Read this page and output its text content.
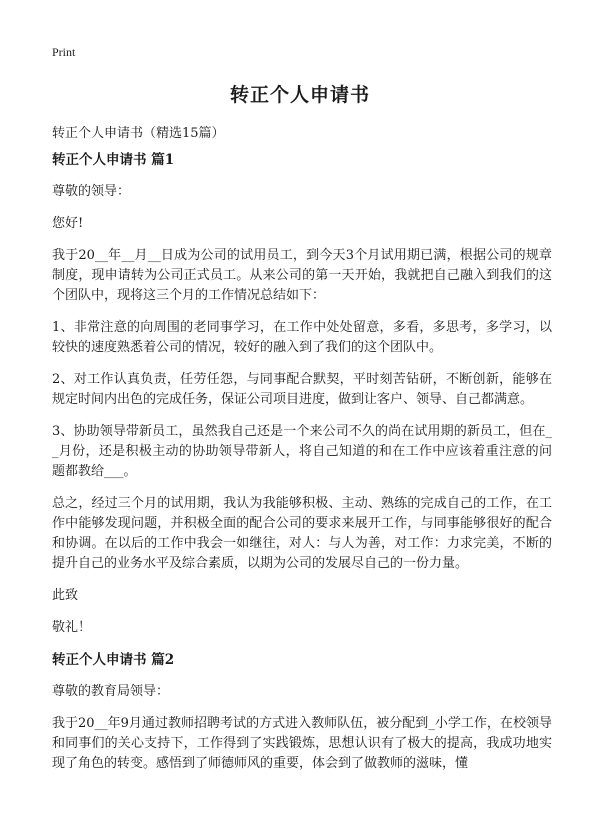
Print
转正个人申请书
转正个人申请书（精选15篇）
转正个人申请书 篇1

尊敬的领导：

您好!

我于20__年__月__日成为公司的试用员工，到今天3个月试用期已满，根据公司的规章制度，现申请转为公司正式员工。从来公司的第一天开始，我就把自己融入到我们的这个团队中，现将这三个月的工作情况总结如下：

1、非常注意的向周围的老同事学习，在工作中处处留意，多看，多思考，多学习，以较快的速度熟悉着公司的情况，较好的融入到了我们的这个团队中。

2、对工作认真负责，任劳任怨，与同事配合默契，平时刻苦钻研，不断创新，能够在规定时间内出色的完成任务，保证公司项目进度，做到让客户、领导、自己都满意。

3、协助领导带新员工，虽然我自己还是一个来公司不久的尚在试用期的新员工，但在__月份，还是积极主动的协助领导带新人，将自己知道的和在工作中应该着重注意的问题都教给___。

总之，经过三个月的试用期，我认为我能够积极、主动、熟练的完成自己的工作，在工作中能够发现问题，并积极全面的配合公司的要求来展开工作，与同事能够很好的配合和协调。在以后的工作中我会一如继往，对人：与人为善，对工作：力求完美，不断的提升自己的业务水平及综合素质，以期为公司的发展尽自己的一份力量。

此致

敬礼！

转正个人申请书 篇2

尊敬的教育局领导：

我于20__年9月通过教师招聘考试的方式进入教师队伍，被分配到_小学工作，在校领导和同事们的关心支持下，工作得到了实践锻炼，思想认识有了极大的提高，我成功地实现了角色的转变。感悟到了师德师风的重要，体会到了做教师的滋味，懂
